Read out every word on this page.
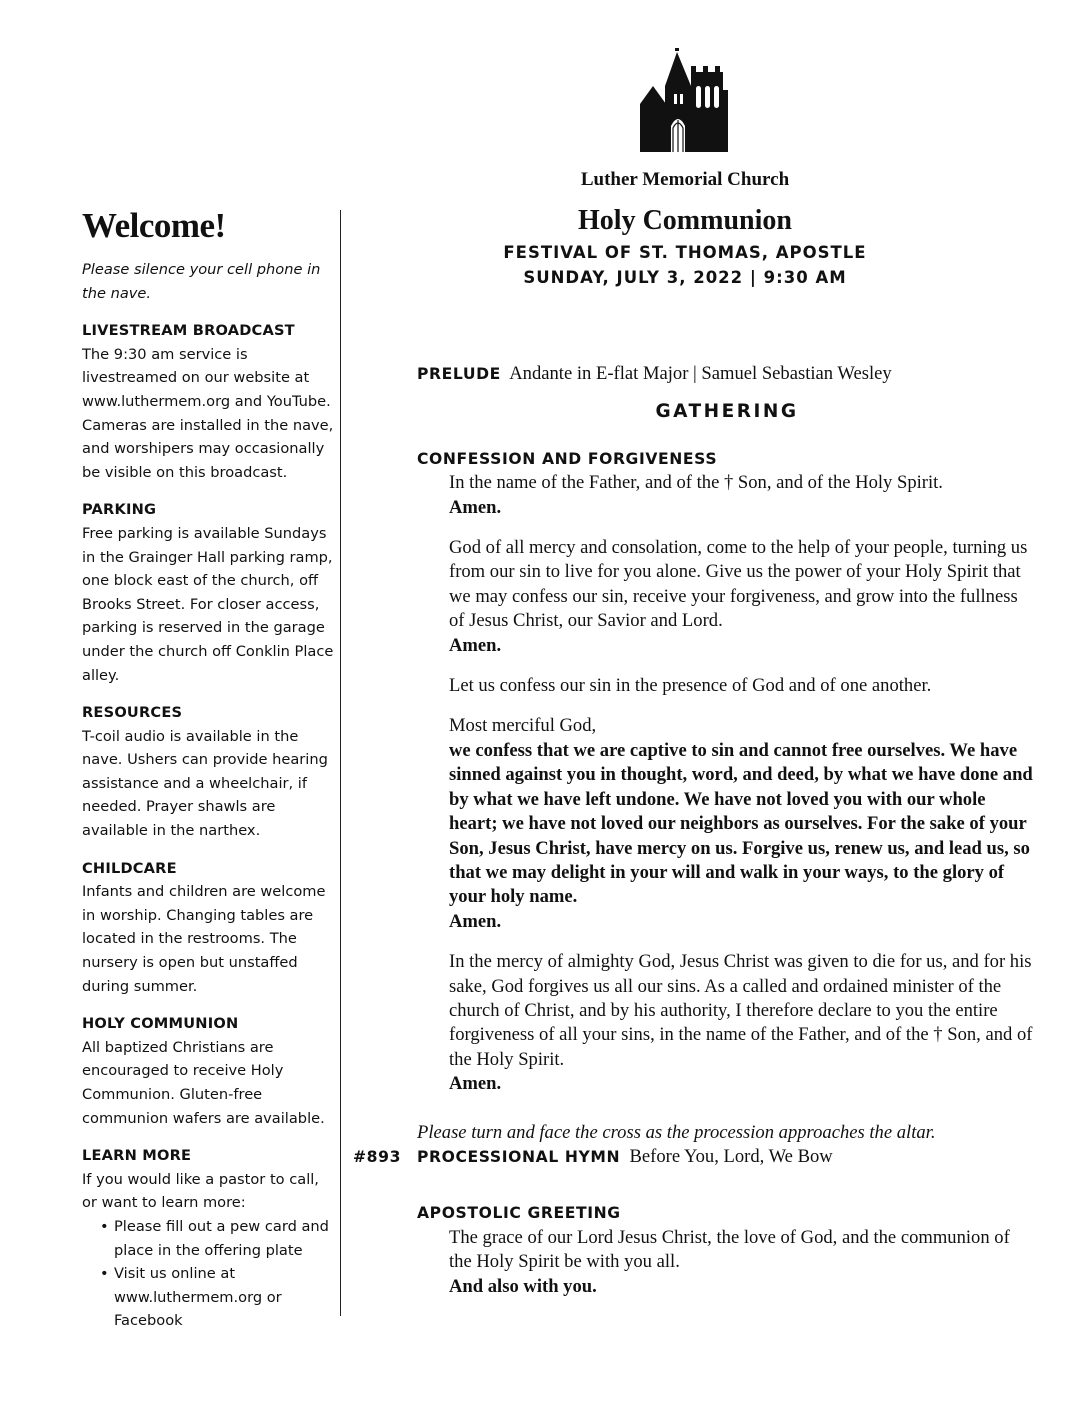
Welcome!

Please silence your cell phone in the nave.

LIVESTREAM BROADCAST
The 9:30 am service is livestreamed on our website at www.luthermem.org and YouTube. Cameras are installed in the nave, and worshipers may occasionally be visible on this broadcast.
PARKING
Free parking is available Sundays in the Grainger Hall parking ramp, one block east of the church, off Brooks Street. For closer access, parking is reserved in the garage under the church off Conklin Place alley.
RESOURCES
T-coil audio is available in the nave. Ushers can provide hearing assistance and a wheelchair, if needed. Prayer shawls are available in the narthex.
CHILDCARE
Infants and children are welcome in worship. Changing tables are located in the restrooms. The nursery is open but unstaffed during summer.
HOLY COMMUNION
All baptized Christians are encouraged to receive Holy Communion. Gluten-free communion wafers are available.
LEARN MORE
If you would like a pastor to call, or want to learn more:
• Please fill out a pew card and place in the offering plate
• Visit us online at www.luthermem.org or Facebook
Luther Memorial Church
Holy Communion
FESTIVAL OF ST. THOMAS, APOSTLE
SUNDAY, JULY 3, 2022 | 9:30 AM
PRELUDE Andante in E-flat Major | Samuel Sebastian Wesley
GATHERING
CONFESSION AND FORGIVENESS
In the name of the Father, and of the † Son, and of the Holy Spirit.
Amen.
God of all mercy and consolation, come to the help of your people, turning us from our sin to live for you alone. Give us the power of your Holy Spirit that we may confess our sin, receive your forgiveness, and grow into the fullness of Jesus Christ, our Savior and Lord.
Amen.
Let us confess our sin in the presence of God and of one another.
Most merciful God,
we confess that we are captive to sin and cannot free ourselves. We have sinned against you in thought, word, and deed, by what we have done and by what we have left undone. We have not loved you with our whole heart; we have not loved our neighbors as ourselves. For the sake of your Son, Jesus Christ, have mercy on us. Forgive us, renew us, and lead us, so that we may delight in your will and walk in your ways, to the glory of your holy name.
Amen.
In the mercy of almighty God, Jesus Christ was given to die for us, and for his sake, God forgives us all our sins. As a called and ordained minister of the church of Christ, and by his authority, I therefore declare to you the entire forgiveness of all your sins, in the name of the Father, and of the † Son, and of the Holy Spirit.
Amen.
Please turn and face the cross as the procession approaches the altar.
#893 PROCESSIONAL HYMN Before You, Lord, We Bow
APOSTOLIC GREETING
The grace of our Lord Jesus Christ, the love of God, and the communion of the Holy Spirit be with you all.
And also with you.
